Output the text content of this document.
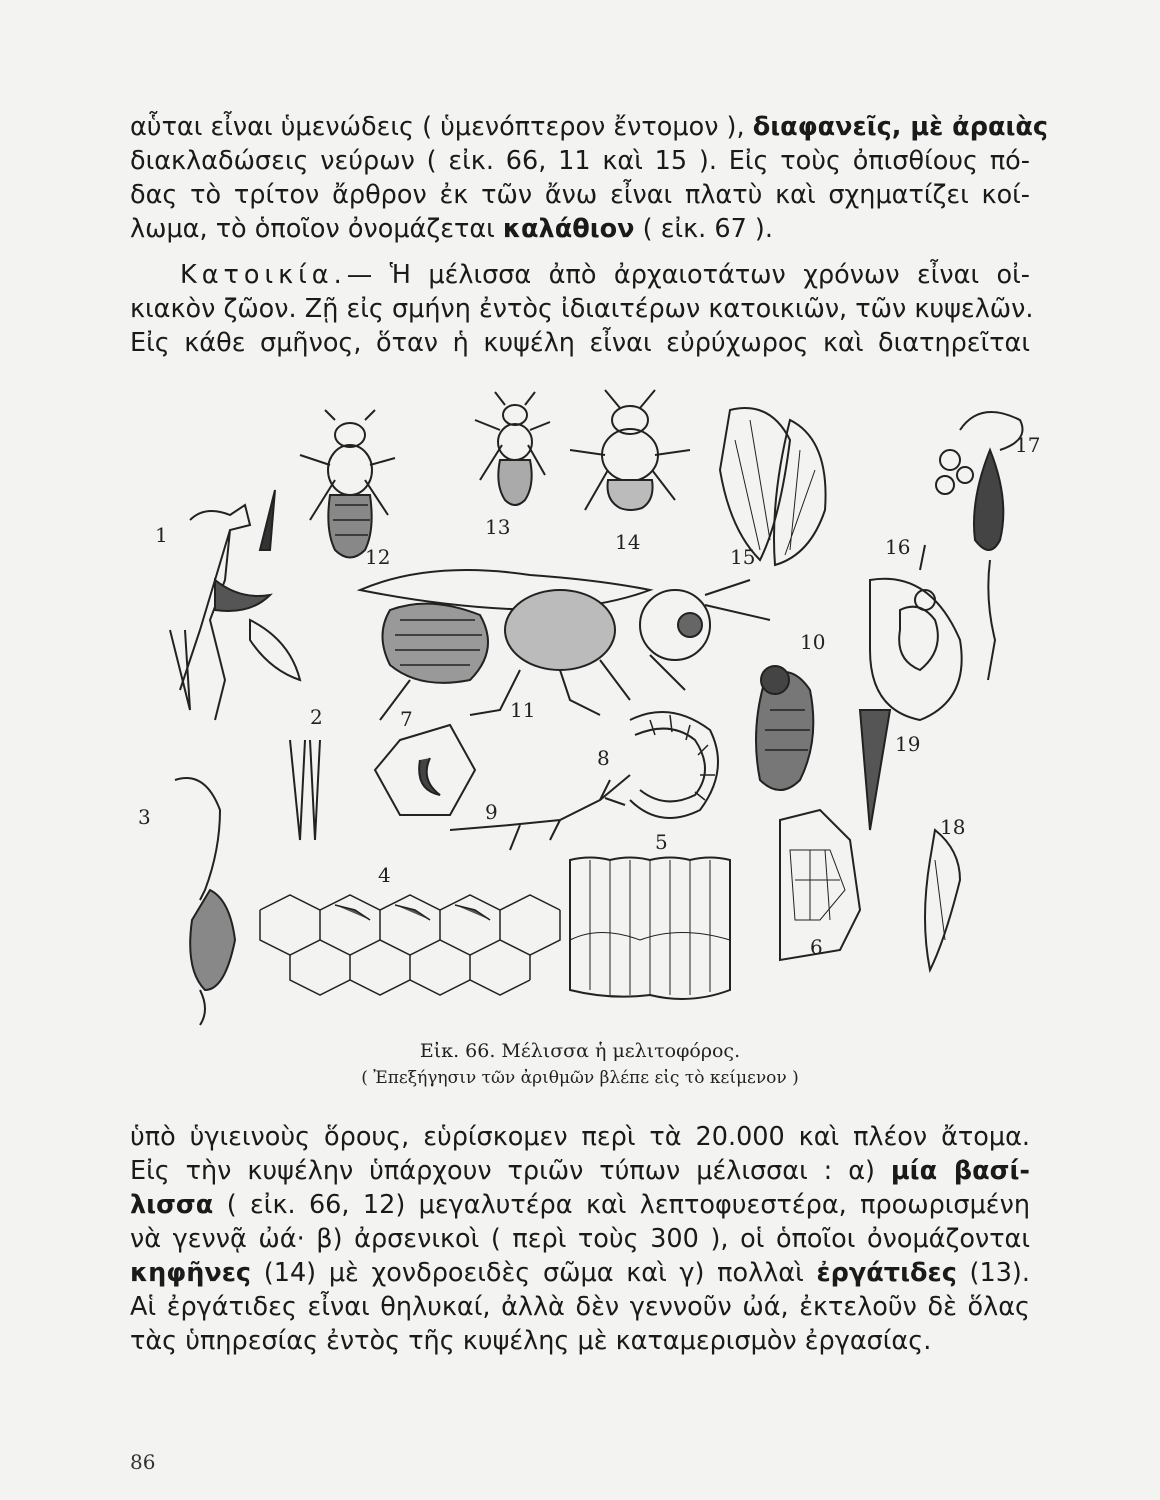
αὗται εἶναι ὑμενώδεις ( ὑμενόπτερον ἔντομον ), διαφανεῖς, μὲ ἀραιὰς
διακλαδώσεις νεύρων ( εἰκ. 66, 11 καὶ 15 ). Εἰς τοὺς ὀπισθίους πό-
δας τὸ τρίτον ἄρθρον ἐκ τῶν ἄνω εἶναι πλατὺ καὶ σχηματίζει κοί-
λωμα, τὸ ὁποῖον ὀνομάζεται καλάθιον ( εἰκ. 67 ).
Κατοικία.— Ἡ μέλισσα ἀπὸ ἀρχαιοτάτων χρόνων εἶναι οἰ-
κιακὸν ζῶον. Ζῇ εἰς σμήνη ἐντὸς ἰδιαιτέρων κατοικιῶν, τῶν κυψελῶν.
Εἰς κάθε σμῆνος, ὅταν ἡ κυψέλη εἶναι εὐρύχωρος καὶ διατηρεῖται
1
2
3
4
5
6
7
8
9
10
11
12
13
14
15	16
17
18
19
Εἰκ. 66. Μέλισσα ἡ μελιτοφόρος.
( Ἐπεξήγησιν τῶν ἀριθμῶν βλέπε εἰς τὸ κείμενον )
ὑπὸ ὑγιεινοὺς ὅρους, εὑρίσκομεν περὶ τὰ 20.000 καὶ πλέον ἄτομα.
Εἰς τὴν κυψέλην ὑπάρχουν τριῶν τύπων μέλισσαι : α) μία βασί-
λισσα ( εἰκ. 66, 12) μεγαλυτέρα καὶ λεπτοφυεστέρα, προωρισμένη
νὰ γεννᾷ ὠά· β) ἀρσενικοὶ ( περὶ τοὺς 300 ), οἱ ὁποῖοι ὀνομάζονται
κηφῆνες (14) μὲ χονδροειδὲς σῶμα καὶ γ) πολλαὶ ἐργάτιδες (13).
Αἱ ἐργάτιδες εἶναι θηλυκαί, ἀλλὰ δὲν γεννοῦν ὠά, ἐκτελοῦν δὲ ὅλας
τὰς ὑπηρεσίας ἐντὸς τῆς κυψέλης μὲ καταμερισμὸν ἐργασίας.
86
